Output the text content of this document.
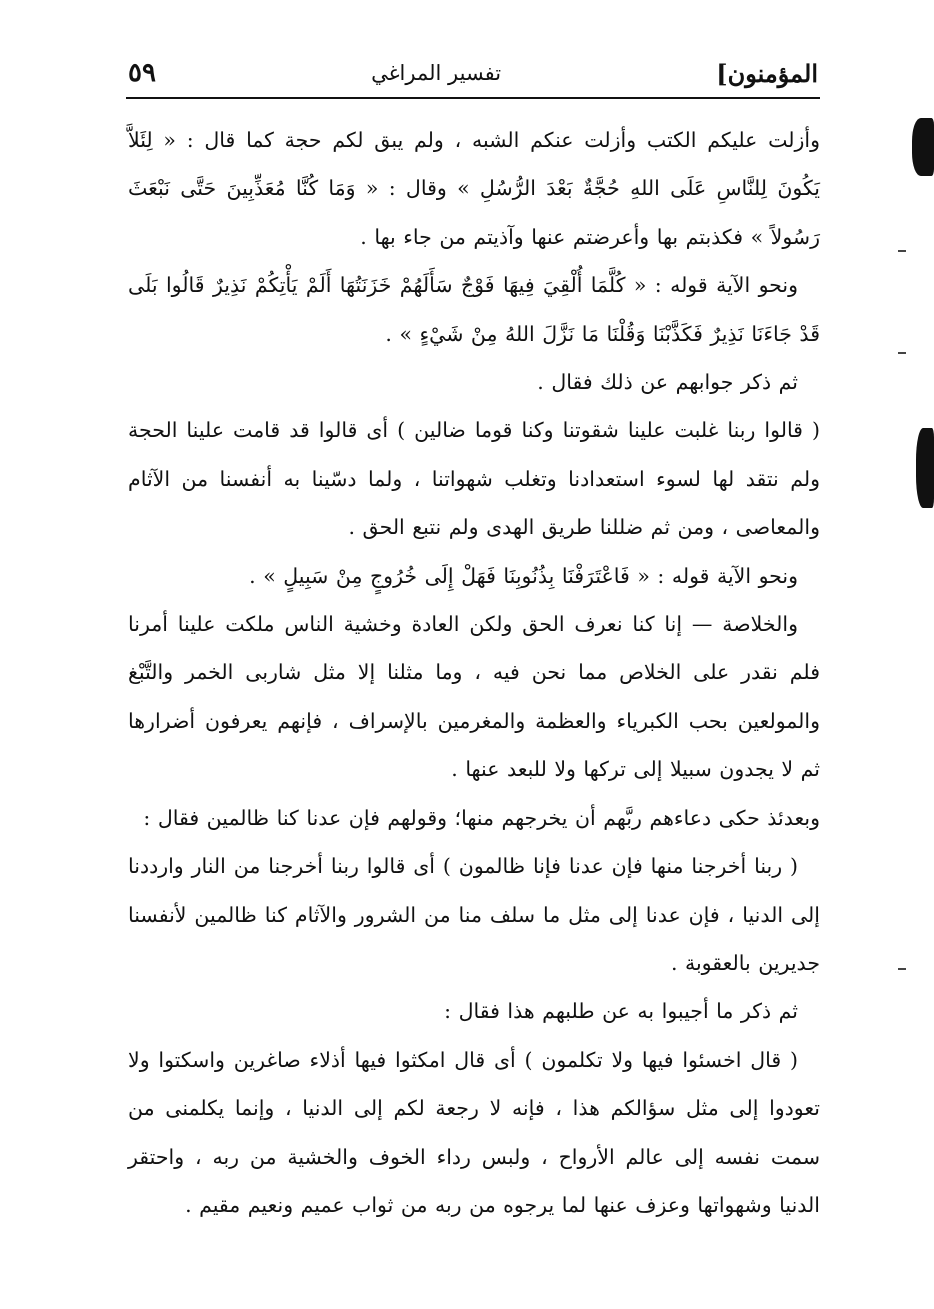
المؤمنون]
تفسير المراغي
٥٩

وأزلت عليكم الكتب وأزلت عنكم الشبه ، ولم يبق لكم حجة كما قال : « لِئَلاَّ يَكُونَ لِلنَّاسِ عَلَى اللهِ حُجَّةٌ بَعْدَ الرُّسُلِ » وقال : « وَمَا كُنَّا مُعَذِّبِينَ حَتَّى نَبْعَثَ رَسُولاً » فكذبتم بها وأعرضتم عنها وآذيتم من جاء بها .

ونحو الآية قوله : « كُلَّمَا أُلْقِيَ فِيهَا فَوْجٌ سَأَلَهُمْ خَزَنَتُهَا أَلَمْ يَأْتِكُمْ نَذِيرٌ قَالُوا بَلَى قَدْ جَاءَنَا نَذِيرٌ فَكَذَّبْنَا وَقُلْنَا مَا نَزَّلَ اللهُ مِنْ شَيْءٍ » .

ثم ذكر جوابهم عن ذلك فقال .

( قالوا ربنا غلبت علينا شقوتنا وكنا قوما ضالين ) أى قالوا قد قامت علينا الحجة ولم نتقد لها لسوء استعدادنا وتغلب شهواتنا ، ولما دسّينا به أنفسنا من الآثام والمعاصى ، ومن ثم ضللنا طريق الهدى ولم نتبع الحق .

ونحو الآية قوله : « فَاعْتَرَفْنَا بِذُنُوبِنَا فَهَلْ إِلَى خُرُوجٍ مِنْ سَبِيلٍ » .

والخلاصة — إنا كنا نعرف الحق ولكن العادة وخشية الناس ملكت علينا أمرنا فلم نقدر على الخلاص مما نحن فيه ، وما مثلنا إلا مثل شاربى الخمر والتَّبْغ والمولعين بحب الكبرياء والعظمة والمغرمين بالإسراف ، فإنهم يعرفون أضرارها ثم لا يجدون سبيلا إلى تركها ولا للبعد عنها .

وبعدئذ حكى دعاءهم ربَّهم أن يخرجهم منها؛ وقولهم فإن عدنا كنا ظالمين فقال :

( ربنا أخرجنا منها فإن عدنا فإنا ظالمون ) أى قالوا ربنا أخرجنا من النار وارددنا إلى الدنيا ، فإن عدنا إلى مثل ما سلف منا من الشرور والآثام كنا ظالمين لأنفسنا جديرين بالعقوبة .

ثم ذكر ما أجيبوا به عن طلبهم هذا فقال :

( قال اخسئوا فيها ولا تكلمون ) أى قال امكثوا فيها أذلاء صاغرين واسكتوا ولا تعودوا إلى مثل سؤالكم هذا ، فإنه لا رجعة لكم إلى الدنيا ، وإنما يكلمنى من سمت نفسه إلى عالم الأرواح ، ولبس رداء الخوف والخشية من ربه ، واحتقر الدنيا وشهواتها وعزف عنها لما يرجوه من ربه من ثواب عميم ونعيم مقيم .
